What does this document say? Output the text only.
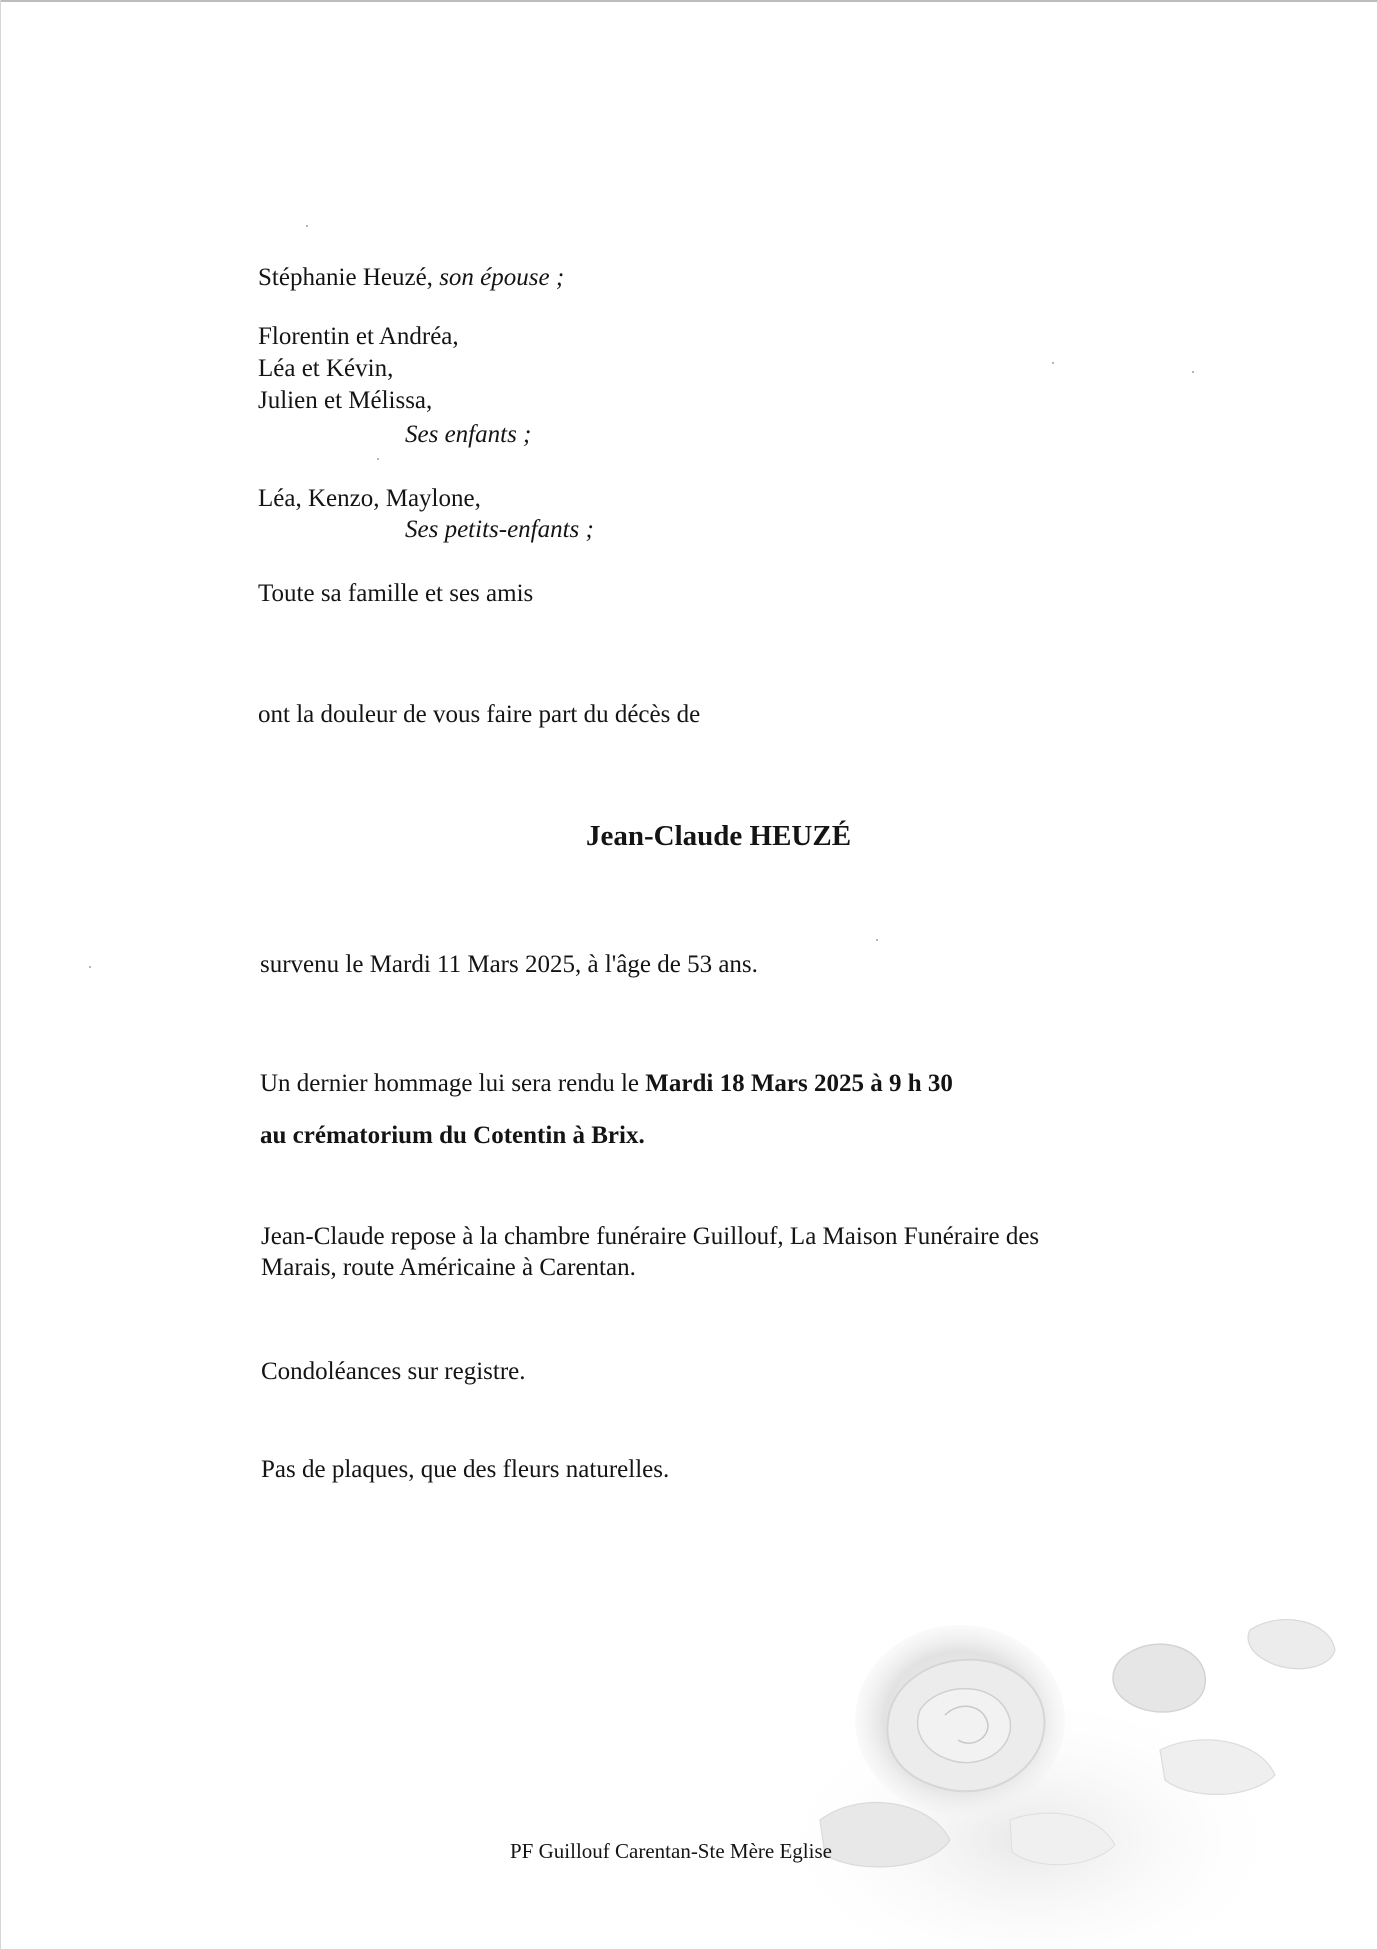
Stéphanie Heuzé, son épouse ;
Florentin et Andréa,
Léa et Kévin,
Julien et Mélissa,
Ses enfants ;
Léa, Kenzo, Maylone,
Ses petits-enfants ;
Toute sa famille et ses amis
ont la douleur de vous faire part du décès de
Jean-Claude HEUZÉ
survenu le Mardi 11 Mars 2025, à l'âge de 53 ans.
Un dernier hommage lui sera rendu le Mardi 18 Mars 2025 à 9 h 30
au crématorium du Cotentin à Brix.
Jean-Claude repose à la chambre funéraire Guillouf, La Maison Funéraire des
Marais, route Américaine à Carentan.
Condoléances sur registre.
Pas de plaques, que des fleurs naturelles.
PF Guillouf Carentan-Ste Mère Eglise
